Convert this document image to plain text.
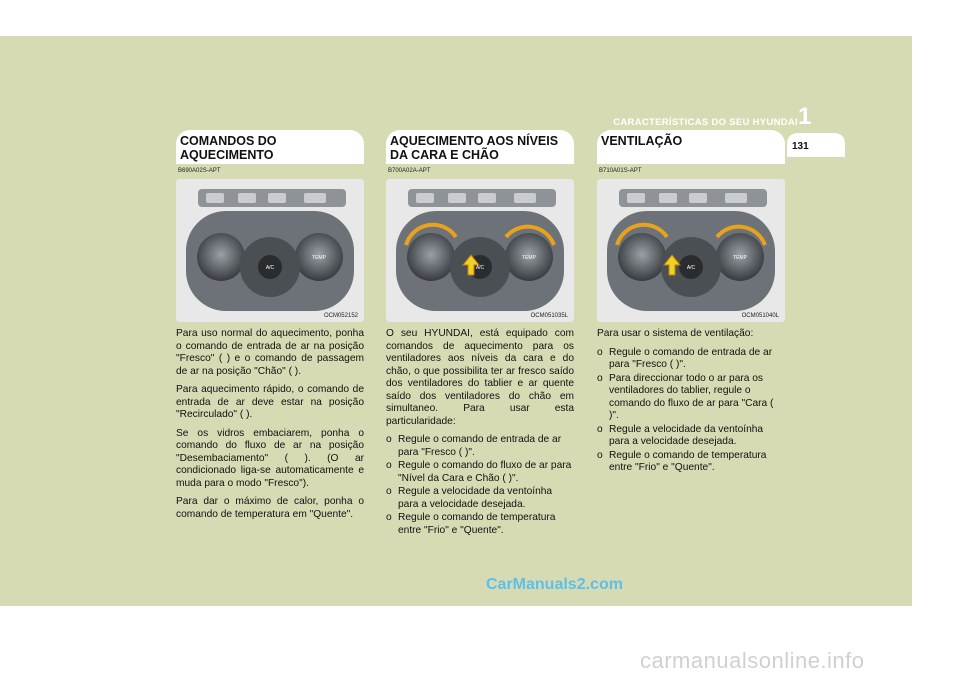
CARACTERÍSTICAS DO SEU HYUNDAI 1
131
COMANDOS DO AQUECIMENTO
B690A02S-APT
TEMP
A/C
OCM052152

Para uso normal do aquecimento, ponha o comando de entrada de ar na posição "Fresco" ( ) e o comando de passagem de ar na posição "Chão" ( ).

Para aquecimento rápido, o comando de entrada de ar deve estar na posição "Recirculado" ( ).

Se os vidros embaciarem, ponha o comando do fluxo de ar na posição "Desembaciamento" ( ). (O ar condicionado liga-se automaticamente e muda para o modo "Fresco").

Para dar o máximo de calor, ponha o comando de temperatura em "Quente".

AQUECIMENTO AOS NÍVEIS DA CARA E CHÃO
B700A02A-APT
TEMP
A/C
OCM051035L

O seu HYUNDAI, está equipado com comandos de aquecimento para os ventiladores aos níveis da cara e do chão, o que possibilita ter ar fresco saído dos ventiladores do tablier e ar quente saído dos ventiladores do chão em simultaneo. Para usar esta particularidade:

o Regule o comando de entrada de ar para "Fresco ( )".
o Regule o comando do fluxo de ar para "Nível da Cara e Chão ( )".
o Regule a velocidade da ventoínha para a velocidade desejada.
o Regule o comando de temperatura entre "Frio" e "Quente".
VENTILAÇÃO
B710A01S-APT
TEMP
A/C
OCM051040L

Para usar o sistema de ventilação:

o Regule o comando de entrada de ar para "Fresco ( )".
o Para direccionar todo o ar para os ventiladores do tablier, regule o comando do fluxo de ar para "Cara ( )".
o Regule a velocidade da ventoínha para a velocidade desejada.
o Regule o comando de temperatura entre "Frio" e "Quente".
CarManuals2.com
carmanualsonline.info
